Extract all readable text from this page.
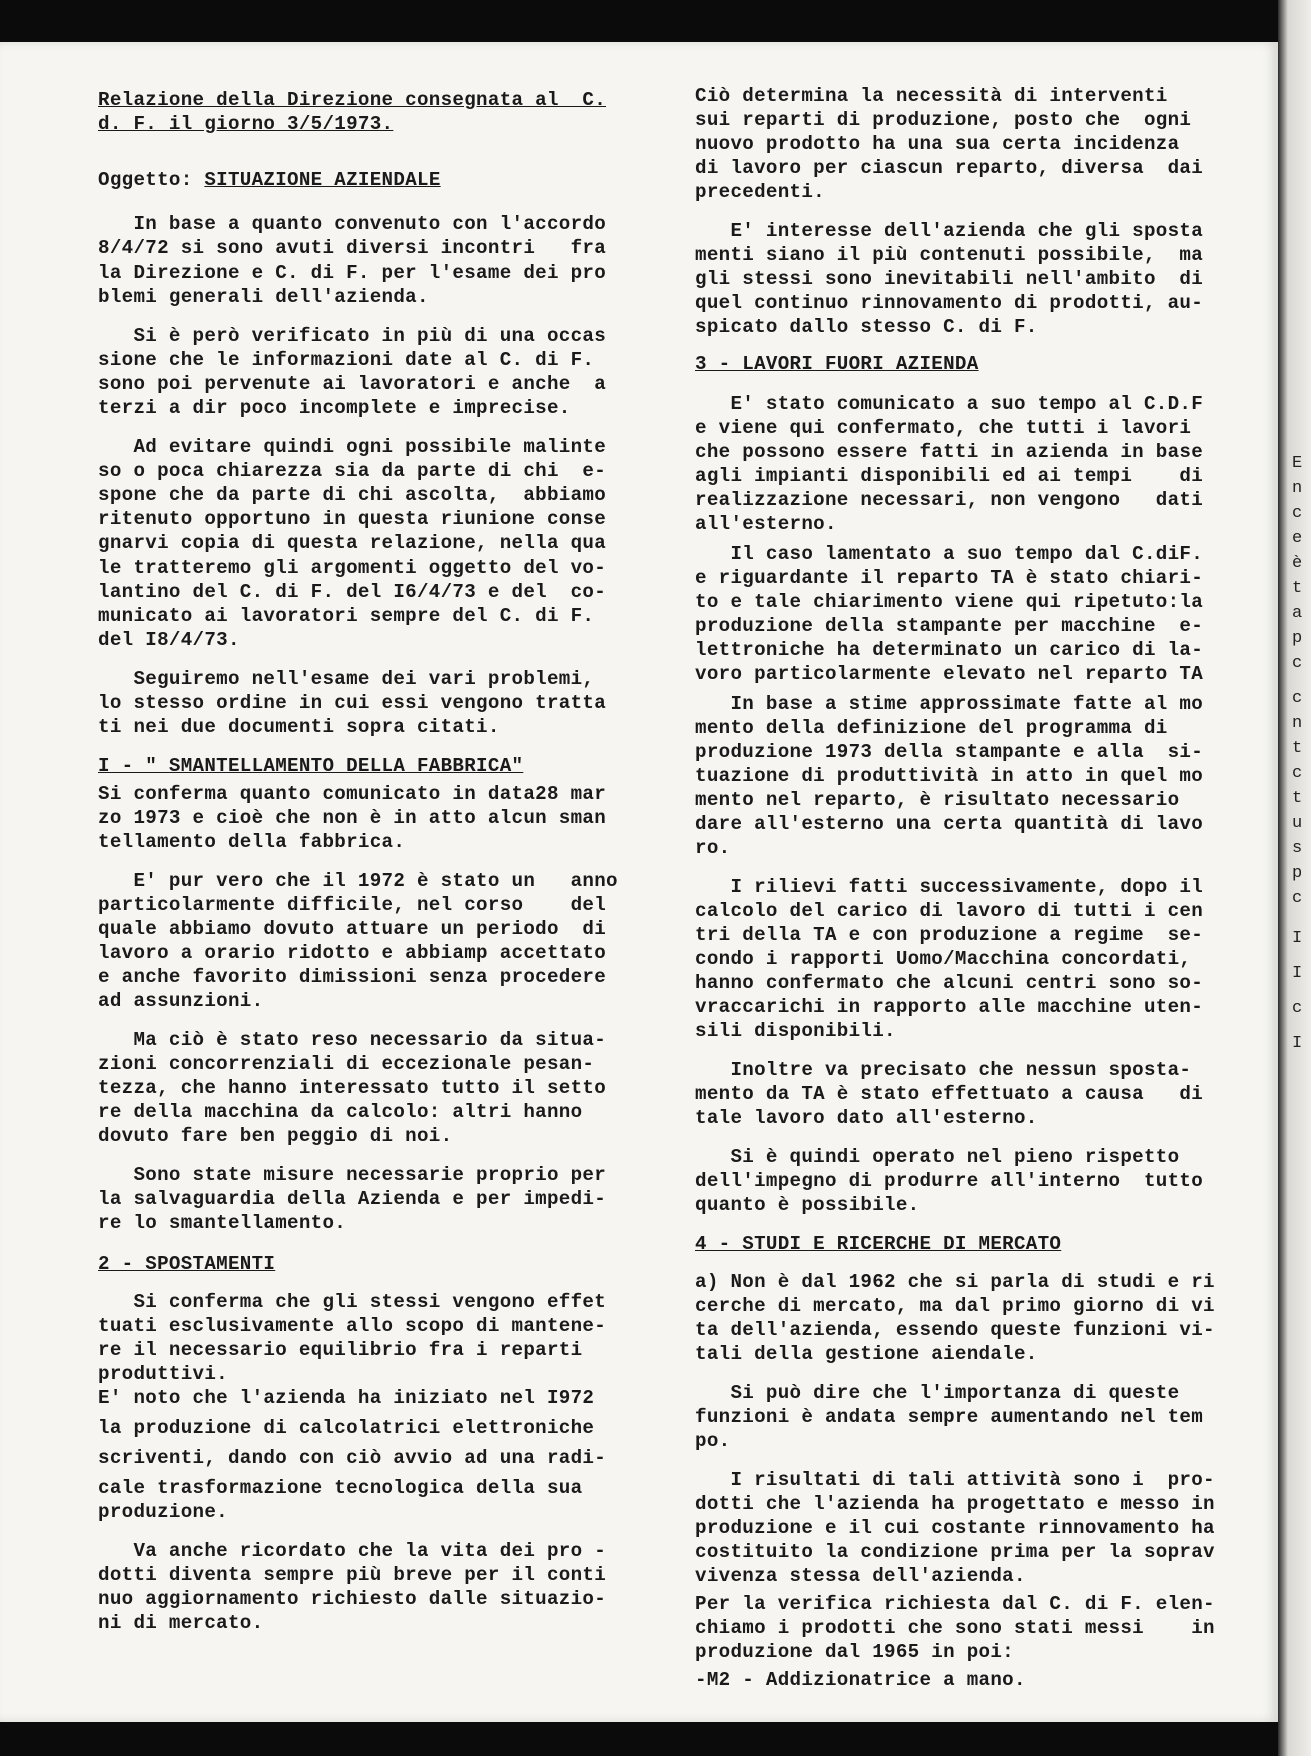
Relazione della Direzione consegnata al  C.
d. F. il giorno 3/5/1973.
Oggetto: SITUAZIONE AZIENDALE
In base a quanto convenuto con l'accordo
8/4/72 si sono avuti diversi incontri   fra
la Direzione e C. di F. per l'esame dei pro
blemi generali dell'azienda.
Si è però verificato in più di una occas
sione che le informazioni date al C. di F.
sono poi pervenute ai lavoratori e anche  a
terzi a dir poco incomplete e imprecise.
Ad evitare quindi ogni possibile malinte
so o poca chiarezza sia da parte di chi  e-
spone che da parte di chi ascolta,  abbiamo
ritenuto opportuno in questa riunione conse
gnarvi copia di questa relazione, nella qua
le tratteremo gli argomenti oggetto del vo-
lantino del C. di F. del I6/4/73 e del  co-
municato ai lavoratori sempre del C. di F.
del I8/4/73.
Seguiremo nell'esame dei vari problemi,
lo stesso ordine in cui essi vengono tratta
ti nei due documenti sopra citati.
I - " SMANTELLAMENTO DELLA FABBRICA"
Si conferma quanto comunicato in data28 mar
zo 1973 e cioè che non è in atto alcun sman
tellamento della fabbrica.
E' pur vero che il 1972 è stato un   anno
particolarmente difficile, nel corso    del
quale abbiamo dovuto attuare un periodo  di
lavoro a orario ridotto e abbiamp accettato
e anche favorito dimissioni senza procedere
ad assunzioni.
Ma ciò è stato reso necessario da situa-
zioni concorrenziali di eccezionale pesan-
tezza, che hanno interessato tutto il setto
re della macchina da calcolo: altri hanno
dovuto fare ben peggio di noi.
Sono state misure necessarie proprio per
la salvaguardia della Azienda e per impedi-
re lo smantellamento.
2 - SPOSTAMENTI
Si conferma che gli stessi vengono effet
tuati esclusivamente allo scopo di mantene-
re il necessario equilibrio fra i reparti
produttivi.
E' noto che l'azienda ha iniziato nel I972
la produzione di calcolatrici elettroniche
scriventi, dando con ciò avvio ad una radi-
cale trasformazione tecnologica della sua
produzione.
Va anche ricordato che la vita dei pro -
dotti diventa sempre più breve per il conti
nuo aggiornamento richiesto dalle situazio-
ni di mercato.
Ciò determina la necessità di interventi
sui reparti di produzione, posto che  ogni
nuovo prodotto ha una sua certa incidenza
di lavoro per ciascun reparto, diversa  dai
precedenti.
E' interesse dell'azienda che gli sposta
menti siano il più contenuti possibile,  ma
gli stessi sono inevitabili nell'ambito  di
quel continuo rinnovamento di prodotti, au-
spicato dallo stesso C. di F.
3 - LAVORI FUORI AZIENDA
E' stato comunicato a suo tempo al C.D.F
e viene qui confermato, che tutti i lavori
che possono essere fatti in azienda in base
agli impianti disponibili ed ai tempi    di
realizzazione necessari, non vengono   dati
all'esterno.
Il caso lamentato a suo tempo dal C.diF.
e riguardante il reparto TA è stato chiari-
to e tale chiarimento viene qui ripetuto:la
produzione della stampante per macchine  e-
lettroniche ha determinato un carico di la-
voro particolarmente elevato nel reparto TA
In base a stime approssimate fatte al mo
mento della definizione del programma di
produzione 1973 della stampante e alla  si-
tuazione di produttività in atto in quel mo
mento nel reparto, è risultato necessario
dare all'esterno una certa quantità di lavo
ro.
I rilievi fatti successivamente, dopo il
calcolo del carico di lavoro di tutti i cen
tri della TA e con produzione a regime  se-
condo i rapporti Uomo/Macchina concordati,
hanno confermato che alcuni centri sono so-
vraccarichi in rapporto alle macchine uten-
sili disponibili.
Inoltre va precisato che nessun sposta-
mento da TA è stato effettuato a causa   di
tale lavoro dato all'esterno.
Si è quindi operato nel pieno rispetto
dell'impegno di produrre all'interno  tutto
quanto è possibile.
4 - STUDI E RICERCHE DI MERCATO
a) Non è dal 1962 che si parla di studi e ri
cerche di mercato, ma dal primo giorno di vi
ta dell'azienda, essendo queste funzioni vi-
tali della gestione aiendale.
Si può dire che l'importanza di queste
funzioni è andata sempre aumentando nel tem
po.
I risultati di tali attività sono i  pro-
dotti che l'azienda ha progettato e messo in
produzione e il cui costante rinnovamento ha
costituito la condizione prima per la soprav
vivenza stessa dell'azienda.
Per la verifica richiesta dal C. di F. elen-
chiamo i prodotti che sono stati messi    in
produzione dal 1965 in poi:
-M2 - Addizionatrice a mano.
E
n
c
e
è
t
a
p
c
c
n
t
c
t
u
s
p
c
I
I
c
I
